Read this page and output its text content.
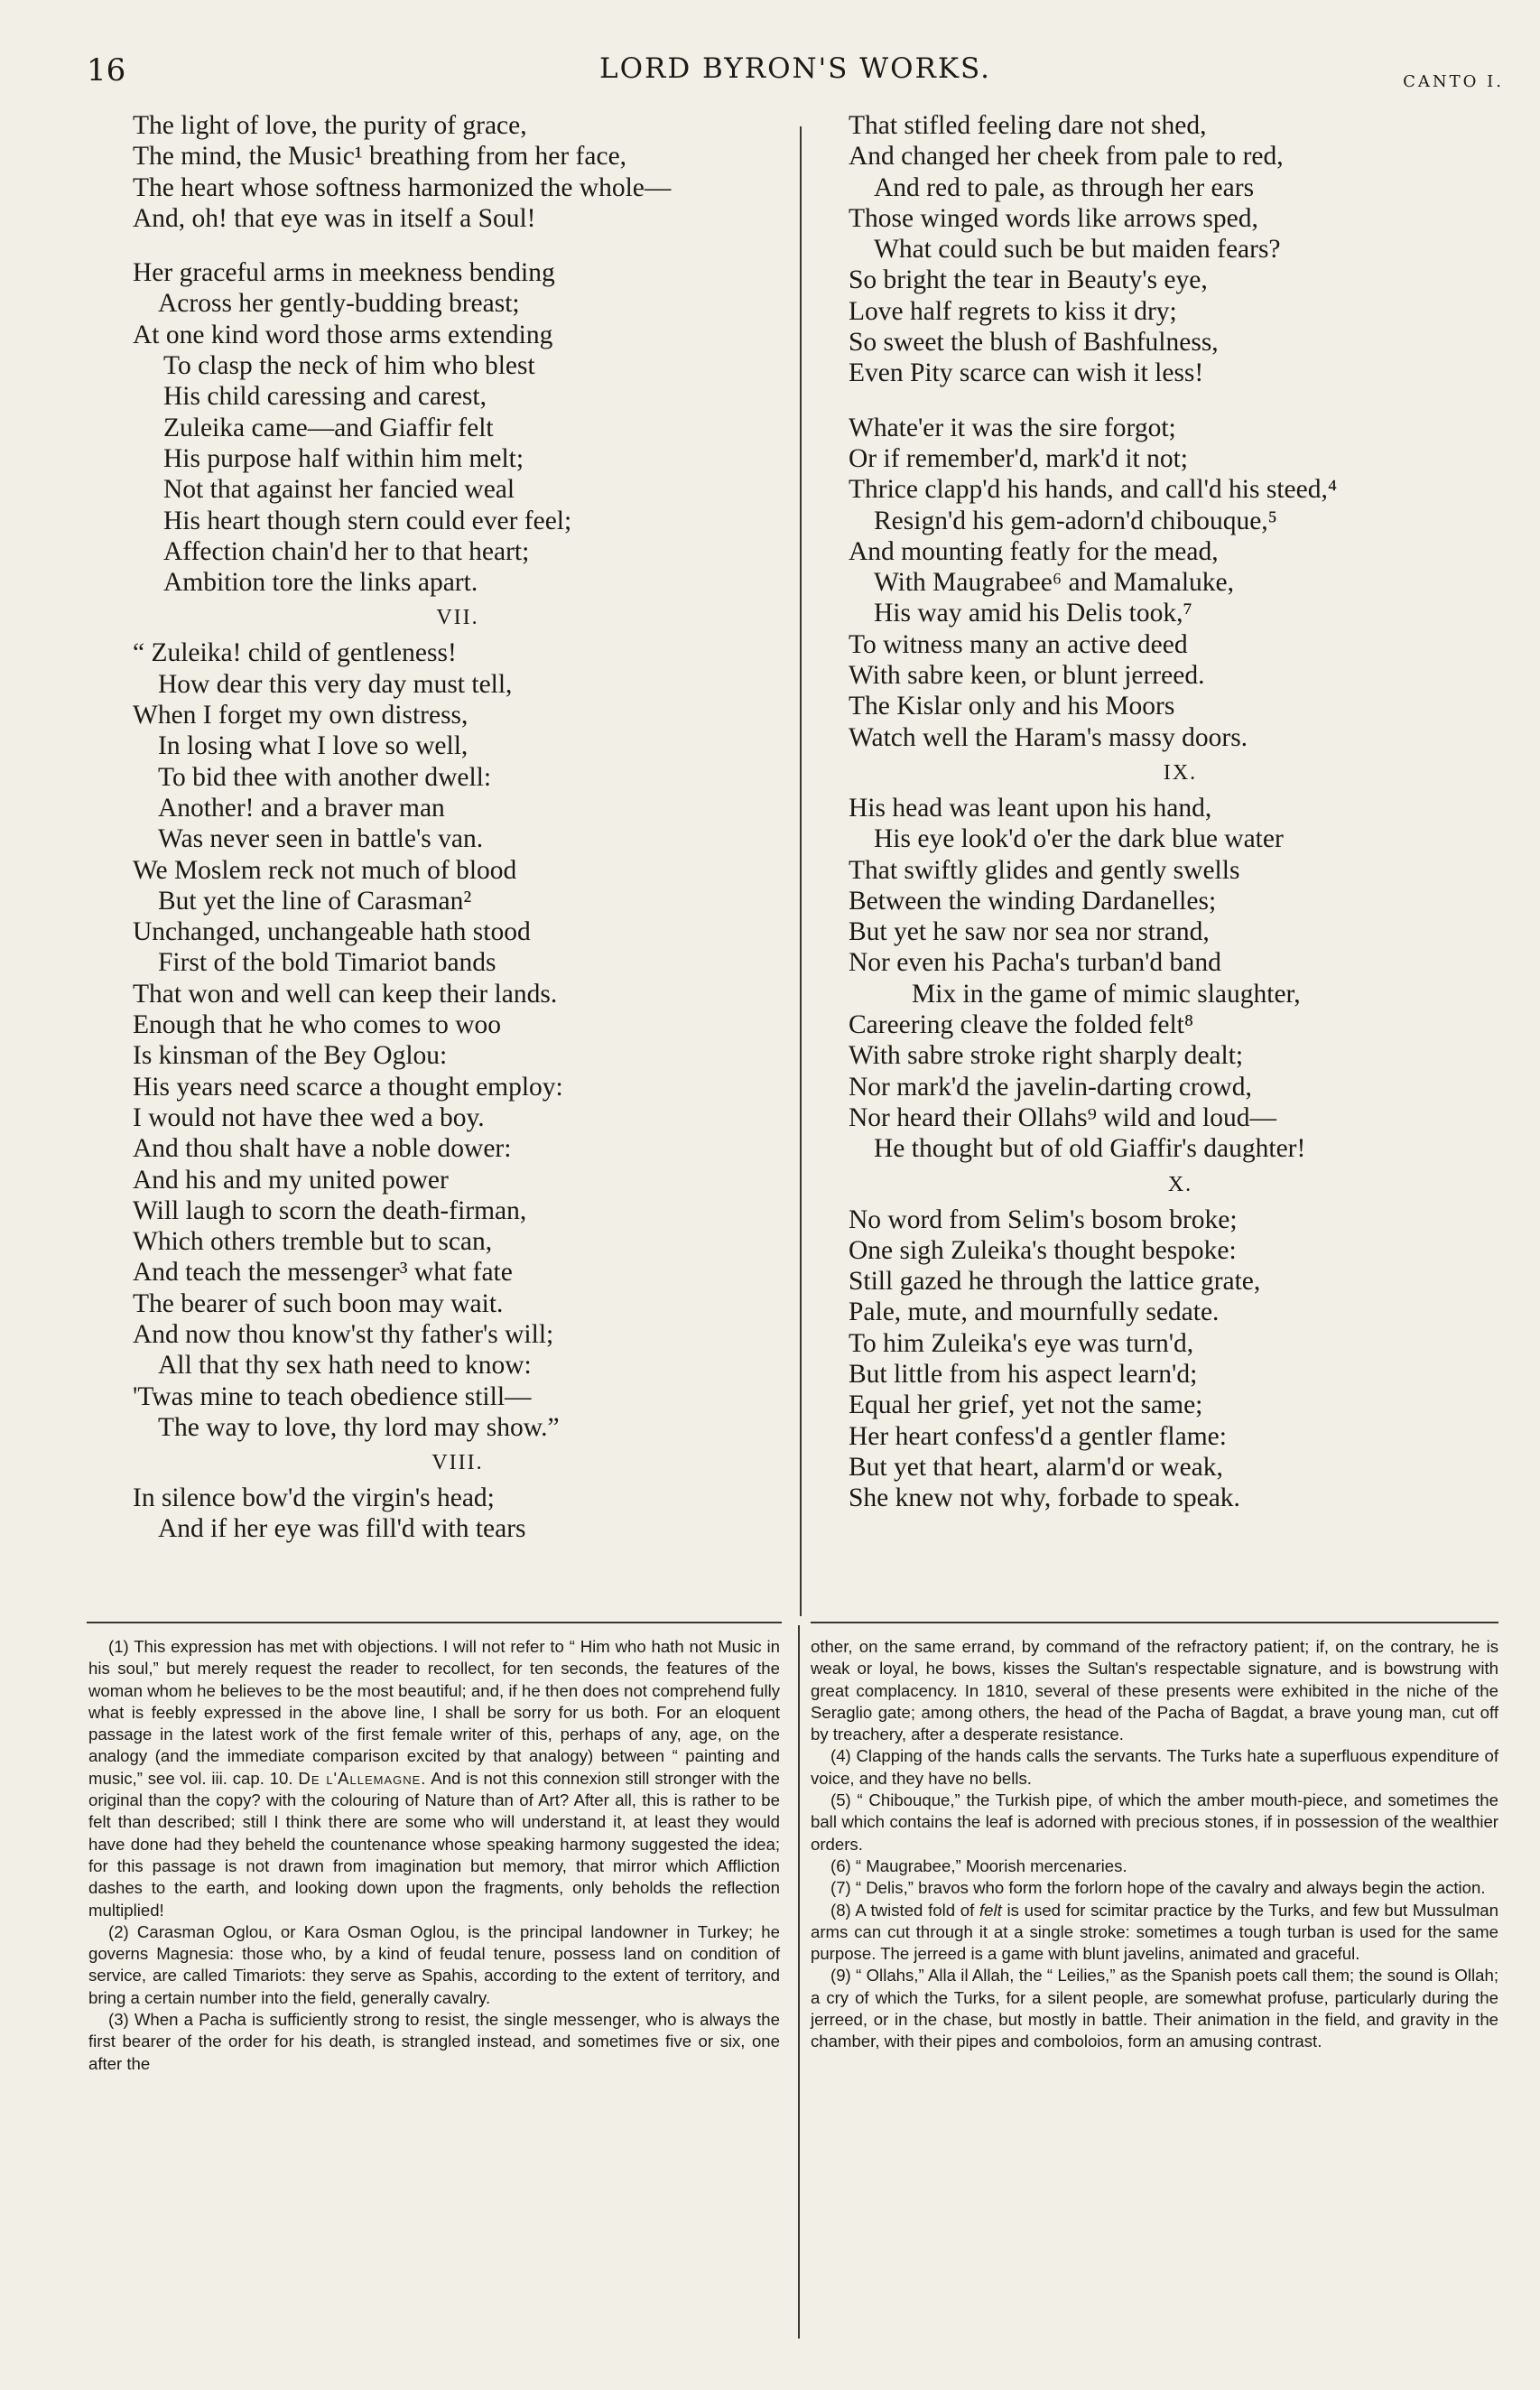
16	LORD BYRON'S WORKS.	CANTO I.
The light of love, the purity of grace,
The mind, the Music¹ breathing from her face,
The heart whose softness harmonized the whole—
And, oh! that eye was in itself a Soul!
Her graceful arms in meekness bending
Across her gently-budding breast;
At one kind word those arms extending
To clasp the neck of him who blest
His child caressing and carest,
Zuleika came—and Giaffir felt
His purpose half within him melt;
Not that against her fancied weal
His heart though stern could ever feel;
Affection chain'd her to that heart;
Ambition tore the links apart.
VII.
“ Zuleika! child of gentleness!
How dear this very day must tell,
When I forget my own distress,
In losing what I love so well,
To bid thee with another dwell:
Another! and a braver man
Was never seen in battle's van.
We Moslem reck not much of blood
But yet the line of Carasman²
Unchanged, unchangeable hath stood
First of the bold Timariot bands
That won and well can keep their lands.
Enough that he who comes to woo
Is kinsman of the Bey Oglou:
His years need scarce a thought employ:
I would not have thee wed a boy.
And thou shalt have a noble dower:
And his and my united power
Will laugh to scorn the death-firman,
Which others tremble but to scan,
And teach the messenger³ what fate
The bearer of such boon may wait.
And now thou know'st thy father's will;
All that thy sex hath need to know:
'Twas mine to teach obedience still—
The way to love, thy lord may show.”
VIII.
In silence bow'd the virgin's head;
And if her eye was fill'd with tears
That stifled feeling dare not shed,
And changed her cheek from pale to red,
And red to pale, as through her ears
Those winged words like arrows sped,
What could such be but maiden fears?
So bright the tear in Beauty's eye,
Love half regrets to kiss it dry;
So sweet the blush of Bashfulness,
Even Pity scarce can wish it less!
Whate'er it was the sire forgot;
Or if remember'd, mark'd it not;
Thrice clapp'd his hands, and call'd his steed,⁴
Resign'd his gem-adorn'd chibouque,⁵
And mounting featly for the mead,
With Maugrabee⁶ and Mamaluke,
His way amid his Delis took,⁷
To witness many an active deed
With sabre keen, or blunt jerreed.
The Kislar only and his Moors
Watch well the Haram's massy doors.
IX.
His head was leant upon his hand,
His eye look'd o'er the dark blue water
That swiftly glides and gently swells
Between the winding Dardanelles;
But yet he saw nor sea nor strand,
Nor even his Pacha's turban'd band
Mix in the game of mimic slaughter,
Careering cleave the folded felt⁸
With sabre stroke right sharply dealt;
Nor mark'd the javelin-darting crowd,
Nor heard their Ollahs⁹ wild and loud—
He thought but of old Giaffir's daughter!
X.
No word from Selim's bosom broke;
One sigh Zuleika's thought bespoke:
Still gazed he through the lattice grate,
Pale, mute, and mournfully sedate.
To him Zuleika's eye was turn'd,
But little from his aspect learn'd;
Equal her grief, yet not the same;
Her heart confess'd a gentler flame:
But yet that heart, alarm'd or weak,
She knew not why, forbade to speak.

(1) This expression has met with objections. I will not refer to “ Him who hath not Music in his soul,” but merely request the reader to recollect, for ten seconds, the features of the woman whom he believes to be the most beautiful; and, if he then does not comprehend fully what is feebly expressed in the above line, I shall be sorry for us both. For an eloquent passage in the latest work of the first female writer of this, perhaps of any, age, on the analogy (and the immediate comparison excited by that analogy) between “ painting and music,” see vol. iii. cap. 10. De l'Allemagne. And is not this connexion still stronger with the original than the copy? with the colouring of Nature than of Art? After all, this is rather to be felt than described; still I think there are some who will understand it, at least they would have done had they beheld the countenance whose speaking harmony suggested the idea; for this passage is not drawn from imagination but memory, that mirror which Affliction dashes to the earth, and looking down upon the fragments, only beholds the reflection multiplied!

(2) Carasman Oglou, or Kara Osman Oglou, is the principal landowner in Turkey; he governs Magnesia: those who, by a kind of feudal tenure, possess land on condition of service, are called Timariots: they serve as Spahis, according to the extent of territory, and bring a certain number into the field, generally cavalry.

(3) When a Pacha is sufficiently strong to resist, the single messenger, who is always the first bearer of the order for his death, is strangled instead, and sometimes five or six, one after the

other, on the same errand, by command of the refractory patient; if, on the contrary, he is weak or loyal, he bows, kisses the Sultan's respectable signature, and is bowstrung with great complacency. In 1810, several of these presents were exhibited in the niche of the Seraglio gate; among others, the head of the Pacha of Bagdat, a brave young man, cut off by treachery, after a desperate resistance.

(4) Clapping of the hands calls the servants. The Turks hate a superfluous expenditure of voice, and they have no bells.

(5) “ Chibouque,” the Turkish pipe, of which the amber mouth-piece, and sometimes the ball which contains the leaf is adorned with precious stones, if in possession of the wealthier orders.

(6) “ Maugrabee,” Moorish mercenaries.

(7) “ Delis,” bravos who form the forlorn hope of the cavalry and always begin the action.

(8) A twisted fold of felt is used for scimitar practice by the Turks, and few but Mussulman arms can cut through it at a single stroke: sometimes a tough turban is used for the same purpose. The jerreed is a game with blunt javelins, animated and graceful.

(9) “ Ollahs,” Alla il Allah, the “ Leilies,” as the Spanish poets call them; the sound is Ollah; a cry of which the Turks, for a silent people, are somewhat profuse, particularly during the jerreed, or in the chase, but mostly in battle. Their animation in the field, and gravity in the chamber, with their pipes and comboloios, form an amusing contrast.
